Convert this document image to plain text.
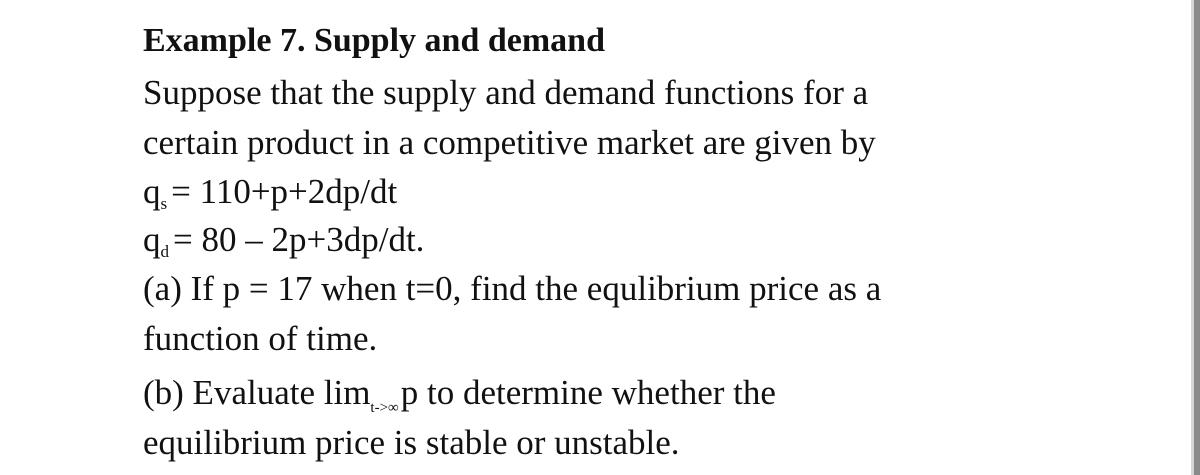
Example 7. Supply and demand
Suppose that the supply and demand functions for a
certain product in a competitive market are given by
qs = 110+p+2dp/dt
qd = 80 – 2p+3dp/dt.
(a) If p = 17 when t=0, find the equlibrium price as a
function of time.
(b) Evaluate $\lim_{t->\infty}p$ to determine whether the
equilibrium price is stable or unstable.
